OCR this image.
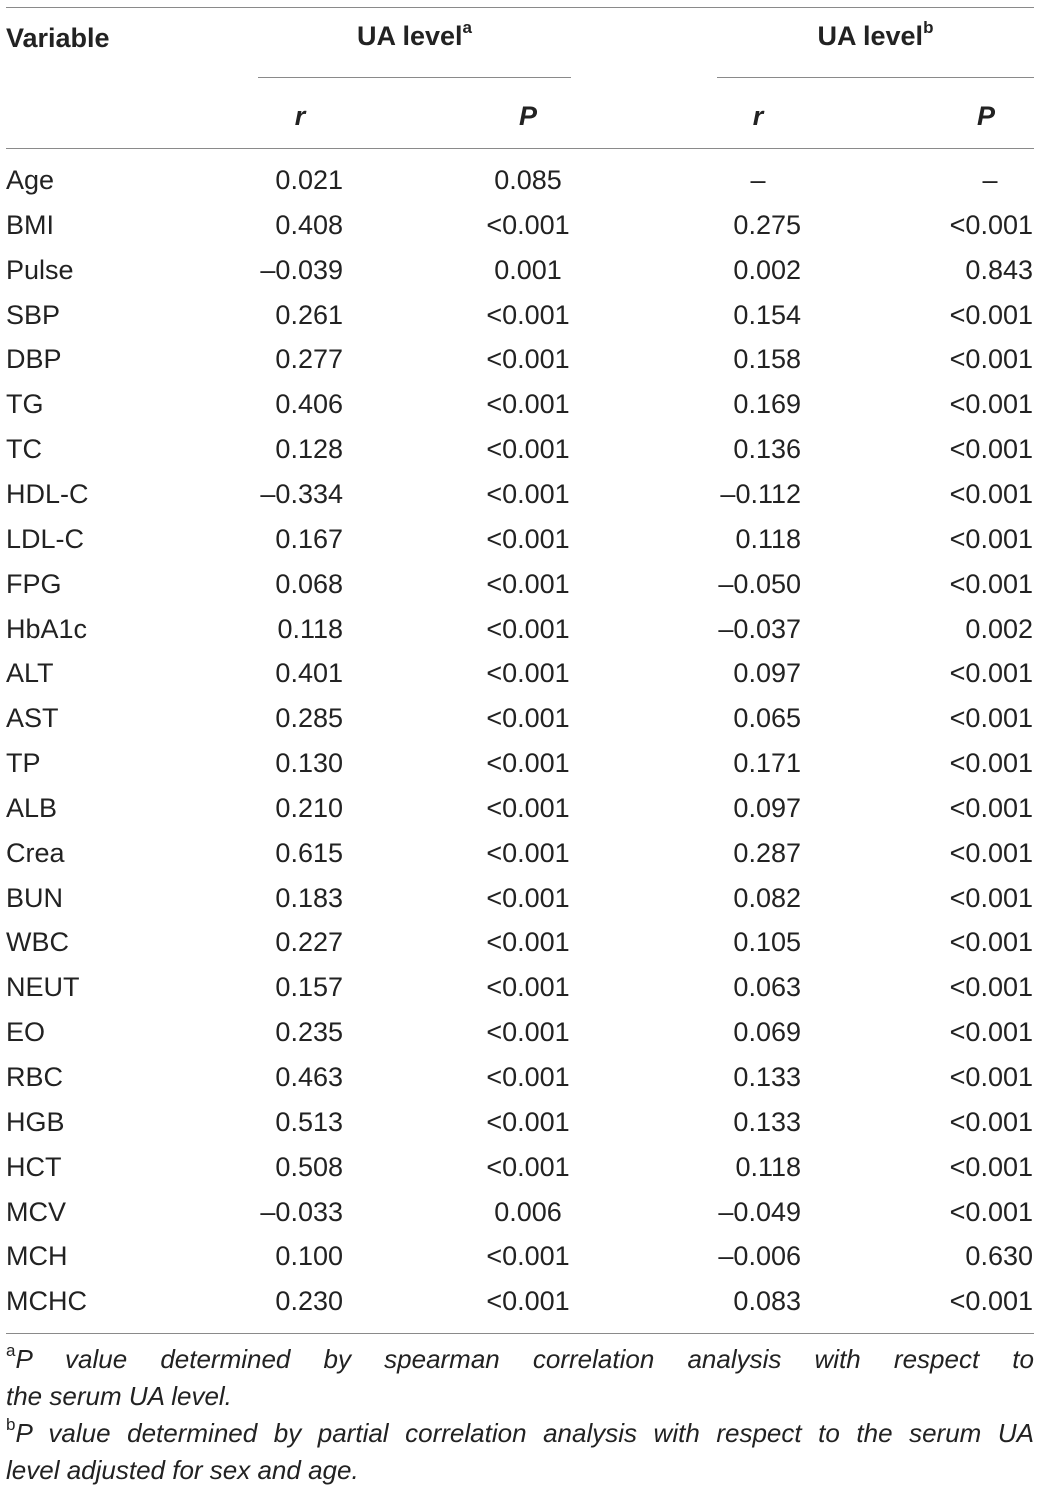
Variable	UA level$^a$	UA level$^b$
r	P	r	P
Age	0.021	0.085	–	–
BMI	0.408	<0.001	0.275	<0.001
Pulse	–0.039	0.001	0.002	0.843
SBP	0.261	<0.001	0.154	<0.001
DBP	0.277	<0.001	0.158	<0.001
TG	0.406	<0.001	0.169	<0.001
TC	0.128	<0.001	0.136	<0.001
HDL-C	–0.334	<0.001	–0.112	<0.001
LDL-C	0.167	<0.001	0.118	<0.001
FPG	0.068	<0.001	–0.050	<0.001
HbA1c	0.118	<0.001	–0.037	0.002
ALT	0.401	<0.001	0.097	<0.001
AST	0.285	<0.001	0.065	<0.001
TP	0.130	<0.001	0.171	<0.001
ALB	0.210	<0.001	0.097	<0.001
Crea	0.615	<0.001	0.287	<0.001
BUN	0.183	<0.001	0.082	<0.001
WBC	0.227	<0.001	0.105	<0.001
NEUT	0.157	<0.001	0.063	<0.001
EO	0.235	<0.001	0.069	<0.001
RBC	0.463	<0.001	0.133	<0.001
HGB	0.513	<0.001	0.133	<0.001
HCT	0.508	<0.001	0.118	<0.001
MCV	–0.033	0.006	–0.049	<0.001
MCH	0.100	<0.001	–0.006	0.630
MCHC	0.230	<0.001	0.083	<0.001
$^a$P value determined by spearman correlation analysis with respect to
the serum UA level.
$^b$P value determined by partial correlation analysis with respect to the serum UA
level adjusted for sex and age.
